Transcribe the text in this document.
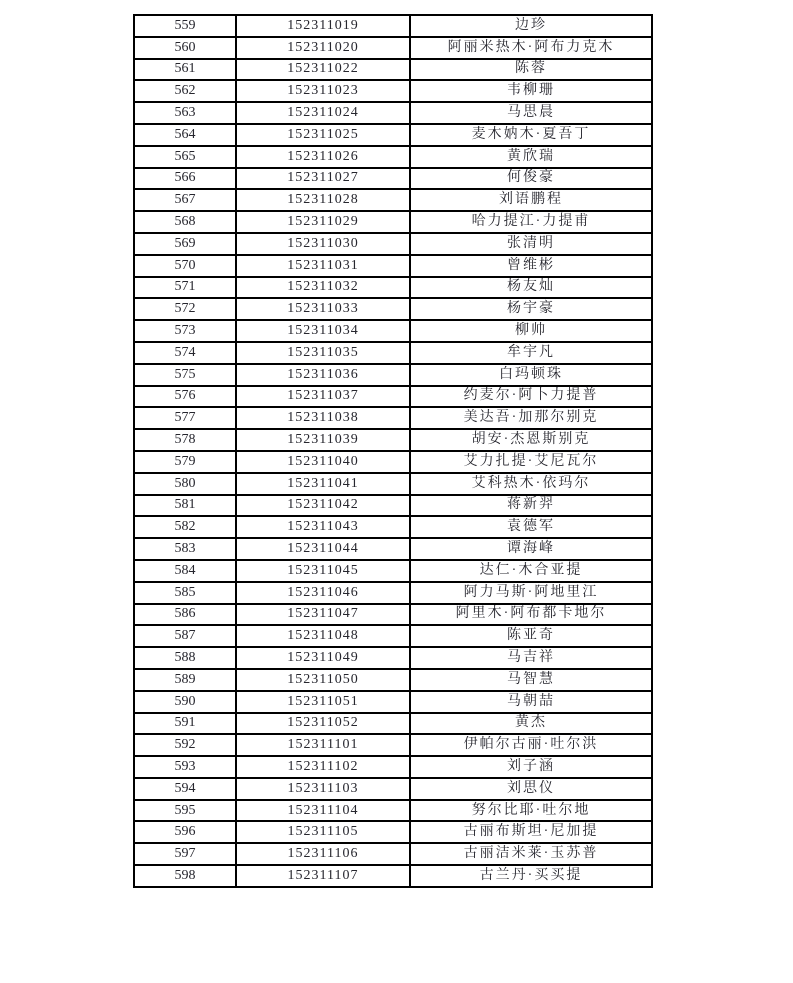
559	152311019	边珍
560	152311020	阿丽米热木·阿布力克木
561	152311022	陈蓉
562	152311023	韦柳珊
563	152311024	马思晨
564	152311025	麦木妠木·夏吾丁
565	152311026	黄欣瑞
566	152311027	何俊豪
567	152311028	刘语鹏程
568	152311029	哈力提江·力提甫
569	152311030	张清明
570	152311031	曾维彬
571	152311032	杨友灿
572	152311033	杨宇豪
573	152311034	柳帅
574	152311035	牟宇凡
575	152311036	白玛顿珠
576	152311037	约麦尔·阿卜力提普
577	152311038	美达吾·加那尔别克
578	152311039	胡安·杰恩斯别克
579	152311040	艾力扎提·艾尼瓦尔
580	152311041	艾科热木·依玛尔
581	152311042	蒋新羿
582	152311043	袁德军
583	152311044	谭海峰
584	152311045	达仁·木合亚提
585	152311046	阿力马斯·阿地里江
586	152311047	阿里木·阿布都卡地尔
587	152311048	陈亚奇
588	152311049	马吉祥
589	152311050	马智慧
590	152311051	马朝喆
591	152311052	黄杰
592	152311101	伊帕尔古丽·吐尔洪
593	152311102	刘子涵
594	152311103	刘思仪
595	152311104	努尔比耶·吐尔地
596	152311105	古丽布斯坦·尼加提
597	152311106	古丽洁米莱·玉苏普
598	152311107	古兰丹·买买提
